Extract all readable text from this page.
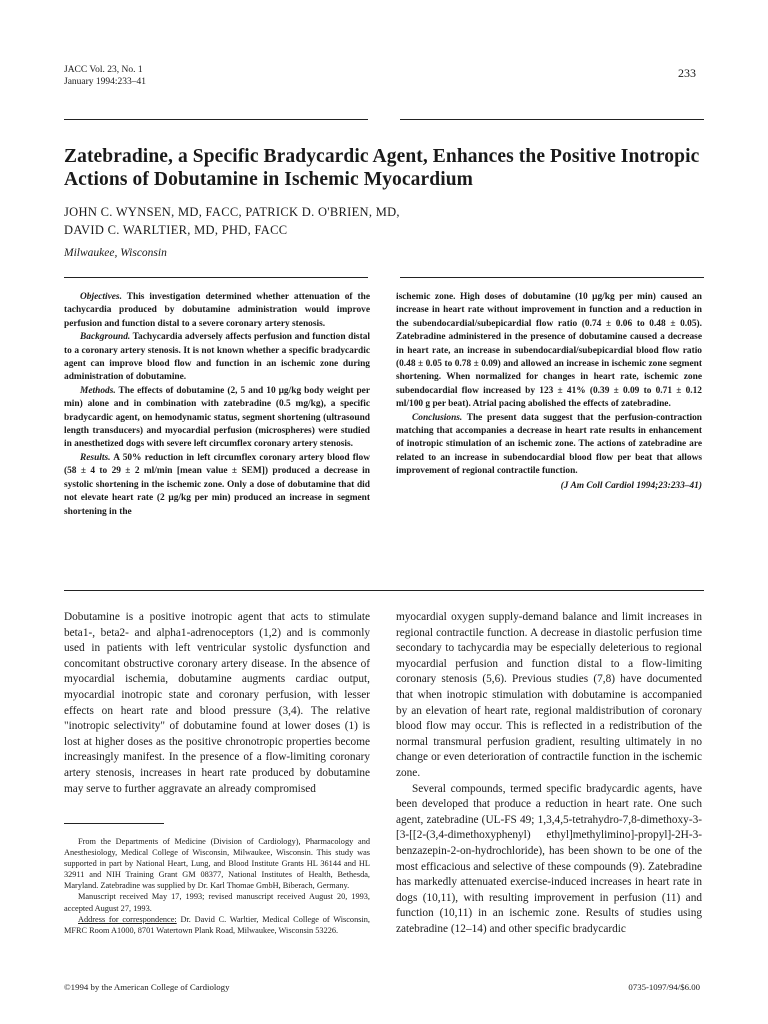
JACC Vol. 23, No. 1
January 1994:233–41
233
Zatebradine, a Specific Bradycardic Agent, Enhances the Positive Inotropic Actions of Dobutamine in Ischemic Myocardium
JOHN C. WYNSEN, MD, FACC, PATRICK D. O'BRIEN, MD,
DAVID C. WARLTIER, MD, PHD, FACC
Milwaukee, Wisconsin

Objectives. This investigation determined whether attenuation of the tachycardia produced by dobutamine administration would improve perfusion and function distal to a severe coronary artery stenosis.

Background. Tachycardia adversely affects perfusion and function distal to a coronary artery stenosis. It is not known whether a specific bradycardic agent can improve blood flow and function in an ischemic zone during administration of dobutamine.

Methods. The effects of dobutamine (2, 5 and 10 μg/kg body weight per min) alone and in combination with zatebradine (0.5 mg/kg), a specific bradycardic agent, on hemodynamic status, segment shortening (ultrasound length transducers) and myocardial perfusion (microspheres) were studied in anesthetized dogs with severe left circumflex coronary artery stenosis.

Results. A 50% reduction in left circumflex coronary artery blood flow (58 ± 4 to 29 ± 2 ml/min [mean value ± SEM]) produced a decrease in systolic shortening in the ischemic zone. Only a dose of dobutamine that did not elevate heart rate (2 μg/kg per min) produced an increase in segment shortening in the

ischemic zone. High doses of dobutamine (10 μg/kg per min) caused an increase in heart rate without improvement in function and a reduction in the subendocardial/subepicardial flow ratio (0.74 ± 0.06 to 0.48 ± 0.05). Zatebradine administered in the presence of dobutamine caused a decrease in heart rate, an increase in subendocardial/subepicardial blood flow ratio (0.48 ± 0.05 to 0.78 ± 0.09) and allowed an increase in ischemic zone segment shortening. When normalized for changes in heart rate, ischemic zone subendocardial flow increased by 123 ± 41% (0.39 ± 0.09 to 0.71 ± 0.12 ml/100 g per beat). Atrial pacing abolished the effects of zatebradine.

Conclusions. The present data suggest that the perfusion-contraction matching that accompanies a decrease in heart rate results in enhancement of inotropic stimulation of an ischemic zone. The actions of zatebradine are related to an increase in subendocardial blood flow per beat that allows improvement of regional contractile function.

(J Am Coll Cardiol 1994;23:233–41)

Dobutamine is a positive inotropic agent that acts to stimulate beta1-, beta2- and alpha1-adrenoceptors (1,2) and is commonly used in patients with left ventricular systolic dysfunction and concomitant obstructive coronary artery disease. In the absence of myocardial ischemia, dobutamine augments cardiac output, myocardial inotropic state and coronary perfusion, with lesser effects on heart rate and blood pressure (3,4). The relative "inotropic selectivity" of dobutamine found at lower doses (1) is lost at higher doses as the positive chronotropic properties become increasingly manifest. In the presence of a flow-limiting coronary artery stenosis, increases in heart rate produced by dobutamine may serve to further aggravate an already compromised

myocardial oxygen supply-demand balance and limit increases in regional contractile function. A decrease in diastolic perfusion time secondary to tachycardia may be especially deleterious to regional myocardial perfusion and function distal to a flow-limiting coronary stenosis (5,6). Previous studies (7,8) have documented that when inotropic stimulation with dobutamine is accompanied by an elevation of heart rate, regional maldistribution of coronary blood flow may occur. This is reflected in a redistribution of the normal transmural perfusion gradient, resulting ultimately in no change or even deterioration of contractile function in the ischemic zone.

Several compounds, termed specific bradycardic agents, have been developed that produce a reduction in heart rate. One such agent, zatebradine (UL-FS 49; 1,3,4,5-tetrahydro-7,8-dimethoxy-3-[3-[[2-(3,4-dimethoxyphenyl) ethyl]methylimino]-propyl]-2H-3-benzazepin-2-on-hydrochloride), has been shown to be one of the most efficacious and selective of these compounds (9). Zatebradine has markedly attenuated exercise-induced increases in heart rate in dogs (10,11), with resulting improvement in perfusion (11) and function (10,11) in an ischemic zone. Results of studies using zatebradine (12–14) and other specific bradycardic

From the Departments of Medicine (Division of Cardiology), Pharmacology and Anesthesiology, Medical College of Wisconsin, Milwaukee, Wisconsin. This study was supported in part by National Heart, Lung, and Blood Institute Grants HL 36144 and HL 32911 and NIH Training Grant GM 08377, National Institutes of Health, Bethesda, Maryland. Zatebradine was supplied by Dr. Karl Thomae GmbH, Biberach, Germany.

Manuscript received May 17, 1993; revised manuscript received August 20, 1993, accepted August 27, 1993.

Address for correspondence: Dr. David C. Warltier, Medical College of Wisconsin, MFRC Room A1000, 8701 Watertown Plank Road, Milwaukee, Wisconsin 53226.

©1994 by the American College of Cardiology	0735-1097/94/$6.00
